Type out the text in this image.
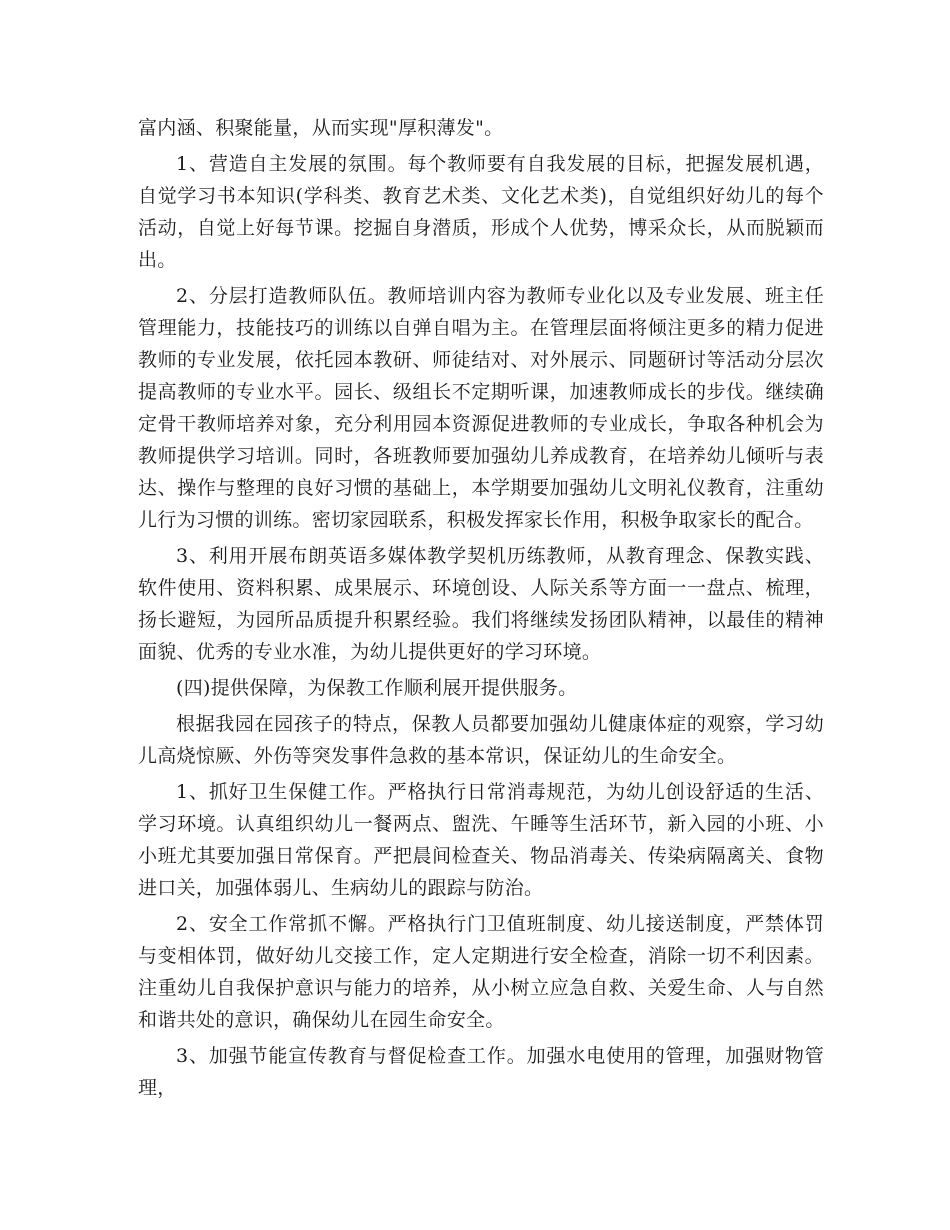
富内涵、积聚能量，从而实现"厚积薄发"。

1、营造自主发展的氛围。每个教师要有自我发展的目标，把握发展机遇，自觉学习书本知识(学科类、教育艺术类、文化艺术类)，自觉组织好幼儿的每个活动，自觉上好每节课。挖掘自身潜质，形成个人优势，博采众长，从而脱颖而出。

2、分层打造教师队伍。教师培训内容为教师专业化以及专业发展、班主任管理能力，技能技巧的训练以自弹自唱为主。在管理层面将倾注更多的精力促进教师的专业发展，依托园本教研、师徒结对、对外展示、同题研讨等活动分层次提高教师的专业水平。园长、级组长不定期听课，加速教师成长的步伐。继续确定骨干教师培养对象，充分利用园本资源促进教师的专业成长，争取各种机会为教师提供学习培训。同时，各班教师要加强幼儿养成教育，在培养幼儿倾听与表达、操作与整理的良好习惯的基础上，本学期要加强幼儿文明礼仪教育，注重幼儿行为习惯的训练。密切家园联系，积极发挥家长作用，积极争取家长的配合。

3、利用开展布朗英语多媒体教学契机历练教师，从教育理念、保教实践、软件使用、资料积累、成果展示、环境创设、人际关系等方面一一盘点、梳理，扬长避短，为园所品质提升积累经验。我们将继续发扬团队精神，以最佳的精神面貌、优秀的专业水准，为幼儿提供更好的学习环境。

(四)提供保障，为保教工作顺利展开提供服务。

根据我园在园孩子的特点，保教人员都要加强幼儿健康体症的观察，学习幼儿高烧惊厥、外伤等突发事件急救的基本常识，保证幼儿的生命安全。

1、抓好卫生保健工作。严格执行日常消毒规范，为幼儿创设舒适的生活、学习环境。认真组织幼儿一餐两点、盥洗、午睡等生活环节，新入园的小班、小小班尤其要加强日常保育。严把晨间检查关、物品消毒关、传染病隔离关、食物进口关，加强体弱儿、生病幼儿的跟踪与防治。

2、安全工作常抓不懈。严格执行门卫值班制度、幼儿接送制度，严禁体罚与变相体罚，做好幼儿交接工作，定人定期进行安全检查，消除一切不利因素。注重幼儿自我保护意识与能力的培养，从小树立应急自救、关爱生命、人与自然和谐共处的意识，确保幼儿在园生命安全。

3、加强节能宣传教育与督促检查工作。加强水电使用的管理，加强财物管理，
